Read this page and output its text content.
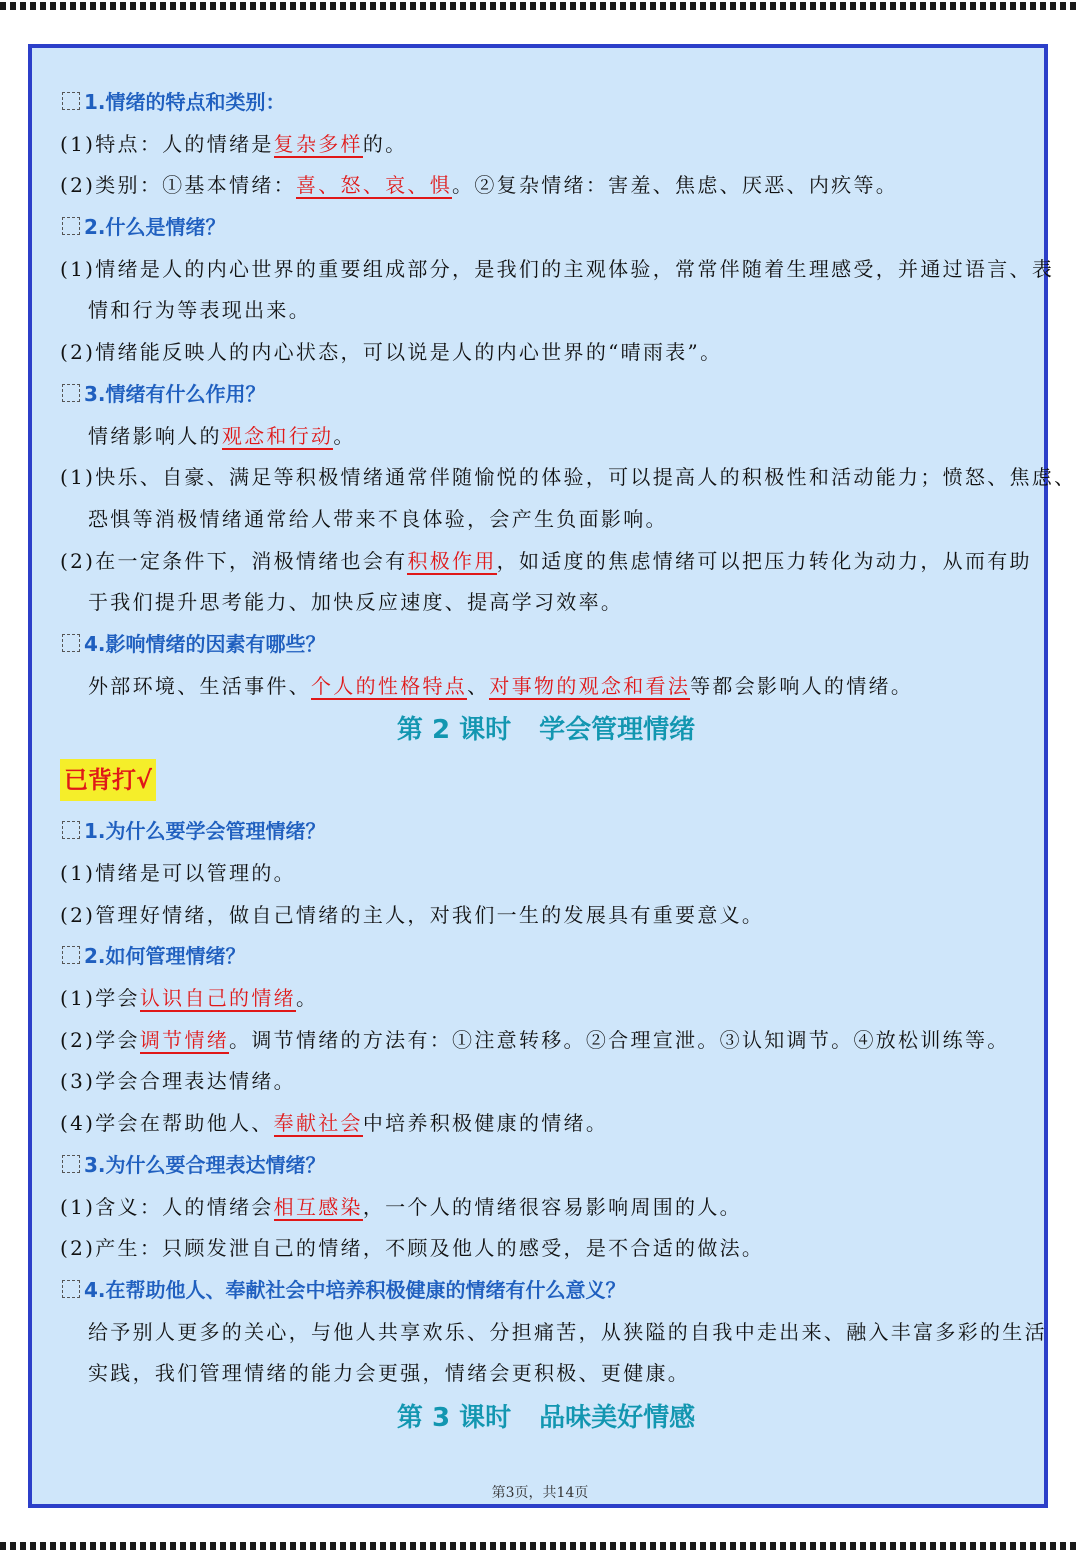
1.情绪的特点和类别：
(1)特点：人的情绪是复杂多样的。
(2)类别：①基本情绪：喜、怒、哀、惧。②复杂情绪：害羞、焦虑、厌恶、内疚等。
2.什么是情绪？
(1)情绪是人的内心世界的重要组成部分，是我们的主观体验，常常伴随着生理感受，并通过语言、表
情和行为等表现出来。
(2)情绪能反映人的内心状态，可以说是人的内心世界的“晴雨表”。
3.情绪有什么作用？
情绪影响人的观念和行动。
(1)快乐、自豪、满足等积极情绪通常伴随愉悦的体验，可以提高人的积极性和活动能力；愤怒、焦虑、
恐惧等消极情绪通常给人带来不良体验，会产生负面影响。
(2)在一定条件下，消极情绪也会有积极作用，如适度的焦虑情绪可以把压力转化为动力，从而有助
于我们提升思考能力、加快反应速度、提高学习效率。
4.影响情绪的因素有哪些？
外部环境、生活事件、个人的性格特点、对事物的观念和看法等都会影响人的情绪。
第 2 课时 学会管理情绪
已背打√
1.为什么要学会管理情绪？
(1)情绪是可以管理的。
(2)管理好情绪，做自己情绪的主人，对我们一生的发展具有重要意义。
2.如何管理情绪？
(1)学会认识自己的情绪。
(2)学会调节情绪。调节情绪的方法有：①注意转移。②合理宣泄。③认知调节。④放松训练等。
(3)学会合理表达情绪。
(4)学会在帮助他人、奉献社会中培养积极健康的情绪。
3.为什么要合理表达情绪？
(1)含义：人的情绪会相互感染，一个人的情绪很容易影响周围的人。
(2)产生：只顾发泄自己的情绪，不顾及他人的感受，是不合适的做法。
4.在帮助他人、奉献社会中培养积极健康的情绪有什么意义？
给予别人更多的关心，与他人共享欢乐、分担痛苦，从狭隘的自我中走出来、融入丰富多彩的生活
实践，我们管理情绪的能力会更强，情绪会更积极、更健康。
第 3 课时 品味美好情感
第3页，共14页
